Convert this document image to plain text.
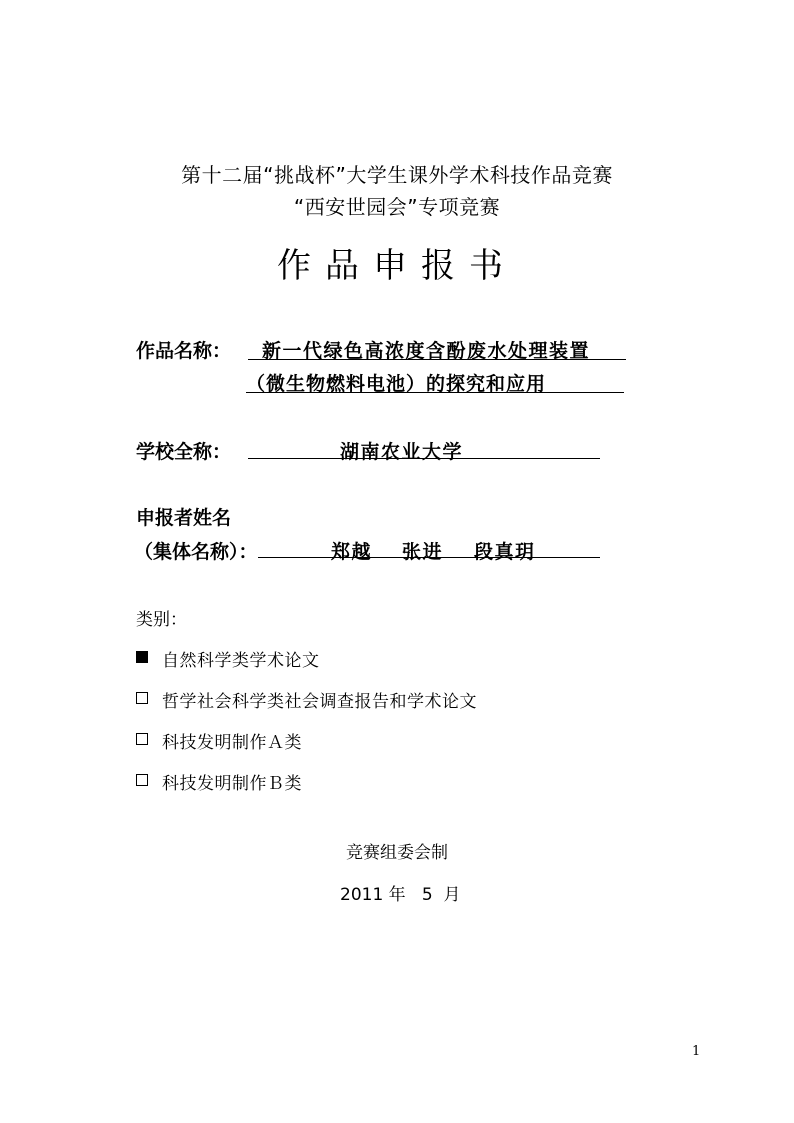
第十二届“挑战杯”大学生课外学术科技作品竞赛
“西安世园会”专项竞赛
作品申报书
作品名称： 新一代绿色高浓度含酚废水处理装置
（微生物燃料电池）的探究和应用
学校全称：	湖南农业大学
申报者姓名
（集体名称）：	郑越 张进 段真玥
类别：
自然科学类学术论文
哲学社会科学类社会调查报告和学术论文
科技发明制作Ａ类
科技发明制作Ｂ类
竞赛组委会制
2011 年   5  月
1
